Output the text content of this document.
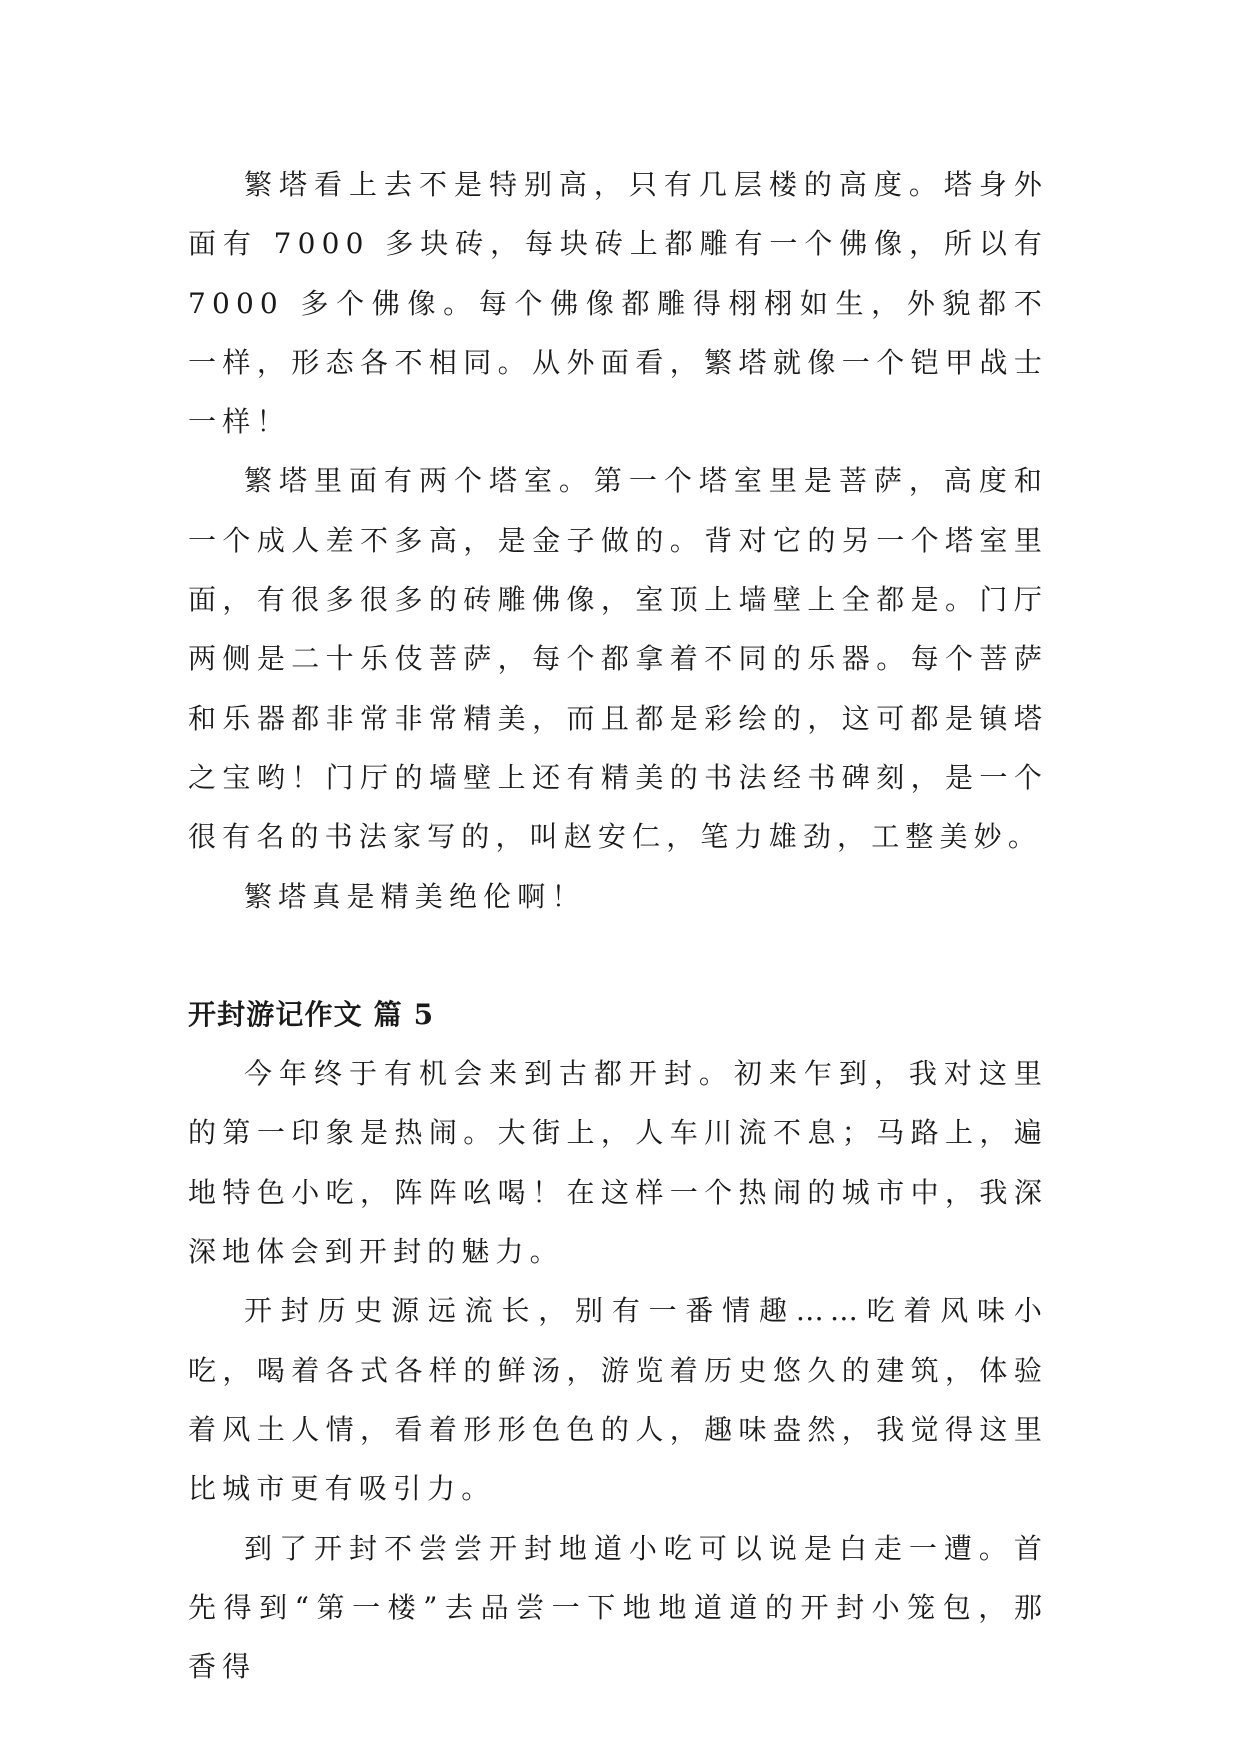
繁塔看上去不是特别高，只有几层楼的高度。塔身外面有 7000 多块砖，每块砖上都雕有一个佛像，所以有 7000 多个佛像。每个佛像都雕得栩栩如生，外貌都不一样，形态各不相同。从外面看，繁塔就像一个铠甲战士一样！

繁塔里面有两个塔室。第一个塔室里是菩萨，高度和一个成人差不多高，是金子做的。背对它的另一个塔室里面，有很多很多的砖雕佛像，室顶上墙壁上全都是。门厅两侧是二十乐伎菩萨，每个都拿着不同的乐器。每个菩萨和乐器都非常非常精美，而且都是彩绘的，这可都是镇塔之宝哟！门厅的墙壁上还有精美的书法经书碑刻，是一个很有名的书法家写的，叫赵安仁，笔力雄劲，工整美妙。

繁塔真是精美绝伦啊！

开封游记作文 篇 5

今年终于有机会来到古都开封。初来乍到，我对这里的第一印象是热闹。大街上，人车川流不息；马路上，遍地特色小吃，阵阵吆喝！在这样一个热闹的城市中，我深深地体会到开封的魅力。

开封历史源远流长，别有一番情趣……吃着风味小吃，喝着各式各样的鲜汤，游览着历史悠久的建筑，体验着风土人情，看着形形色色的人，趣味盎然，我觉得这里比城市更有吸引力。

到了开封不尝尝开封地道小吃可以说是白走一遭。首先得到“第一楼”去品尝一下地地道道的开封小笼包，那香得
